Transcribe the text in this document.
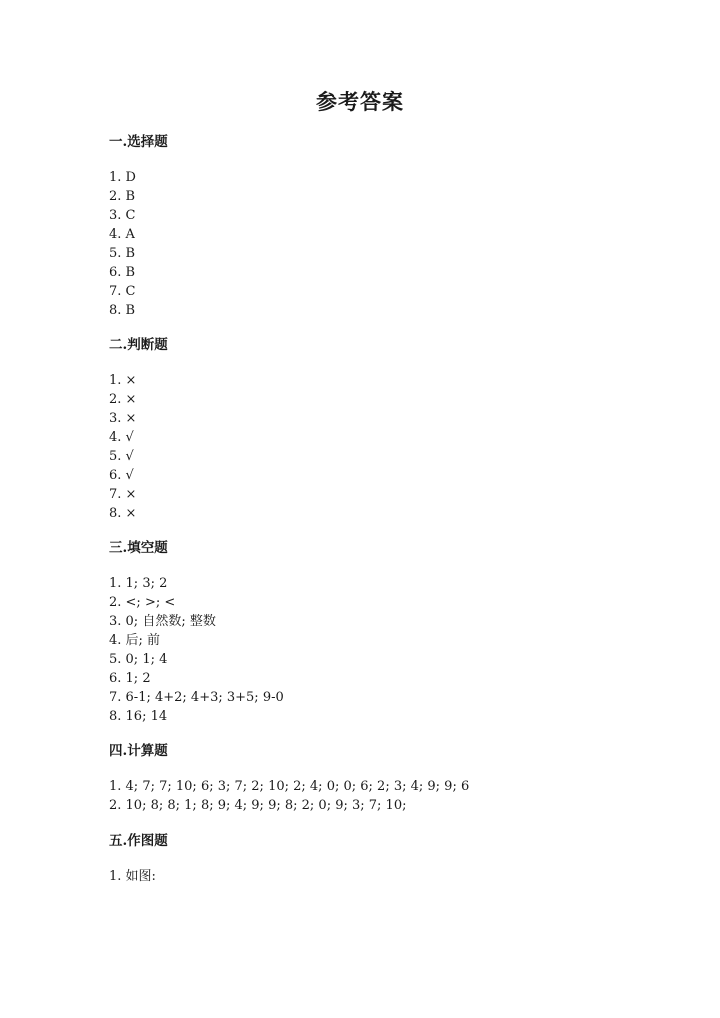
参考答案
一.选择题
1. D
2. B
3. C
4. A
5. B
6. B
7. C
8. B
二.判断题
1. ×
2. ×
3. ×
4. √
5. √
6. √
7. ×
8. ×
三.填空题
1. 1; 3; 2
2. <; >; <
3. 0; 自然数; 整数
4. 后; 前
5. 0; 1; 4
6. 1; 2
7. 6-1; 4+2; 4+3; 3+5; 9-0
8. 16; 14
四.计算题
1. 4; 7; 7; 10; 6; 3; 7; 2; 10; 2; 4; 0; 0; 6; 2; 3; 4; 9; 9; 6
2. 10; 8; 8; 1; 8; 9; 4; 9; 9; 8; 2; 0; 9; 3; 7; 10;
五.作图题
1. 如图:
